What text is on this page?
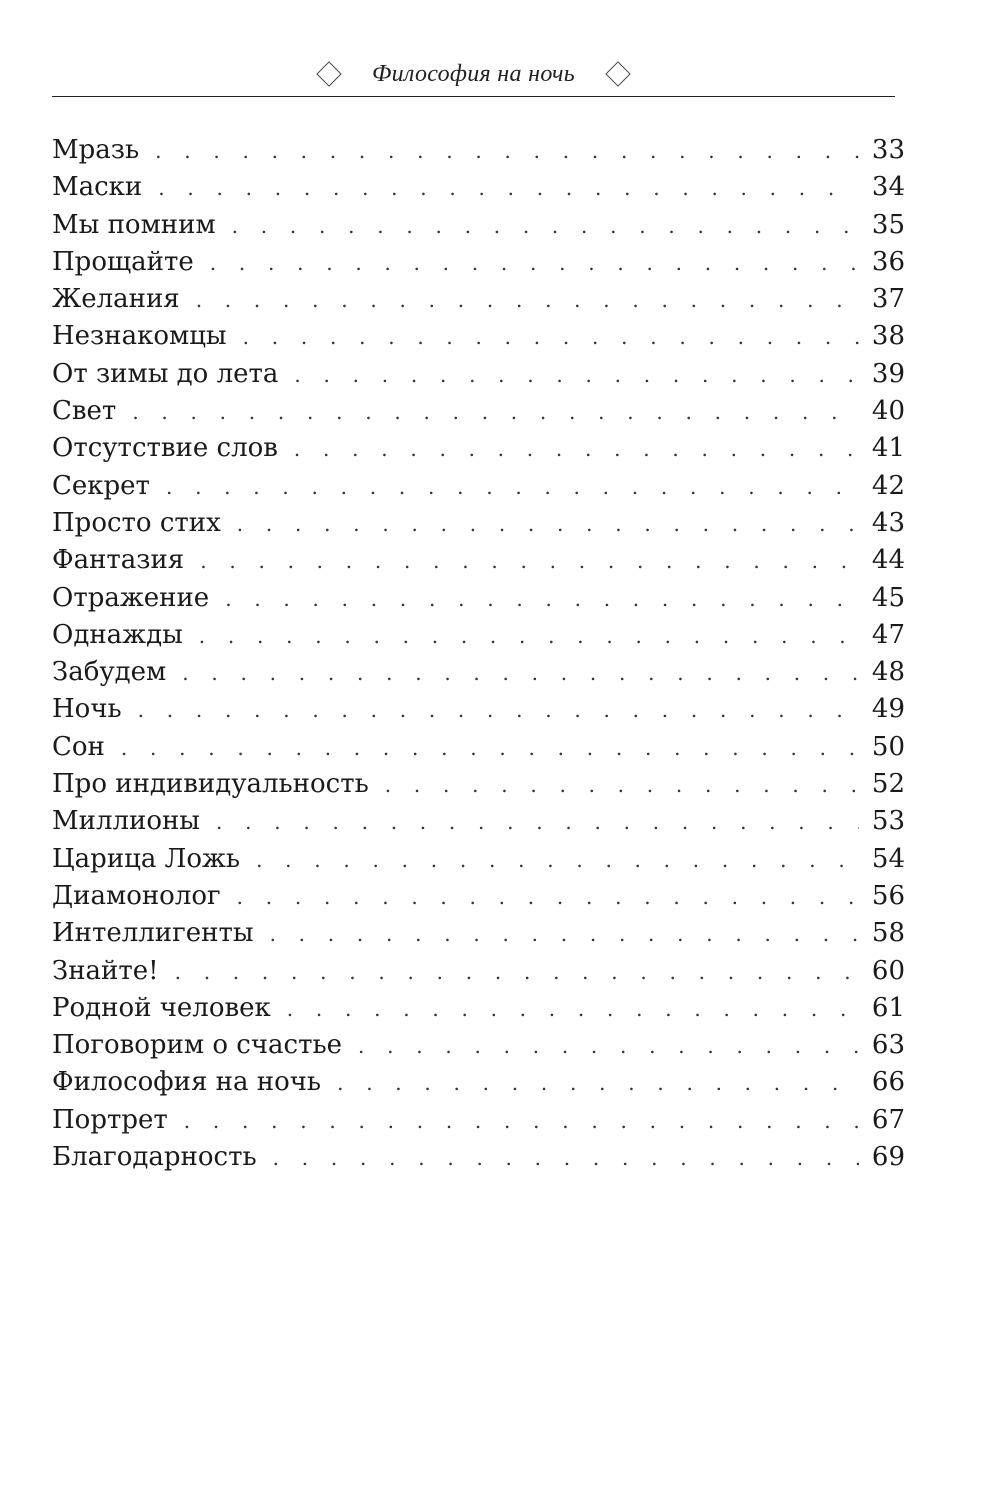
Философия на ночь
Мразь . . .	33
Маски . . .	34
Мы помним . . .	35
Прощайте . . .	36
Желания . . .	37
Незнакомцы . . .	38
От зимы до лета . . .	39
Свет . . .	40
Отсутствие слов . . .	41
Секрет . . .	42
Просто стих . . .	43
Фантазия . . .	44
Отражение . . .	45
Однажды . . .	47
Забудем . . .	48
Ночь . . .	49
Сон . . .	50
Про индивидуальность . . .	52
Миллионы . . .	53
Царица Ложь . . .	54
Диамонолог . . .	56
Интеллигенты . . .	58
Знайте! . . .	60
Родной человек . . .	61
Поговорим о счастье . . .	63
Философия на ночь . . .	66
Портрет . . .	67
Благодарность . . .	69
